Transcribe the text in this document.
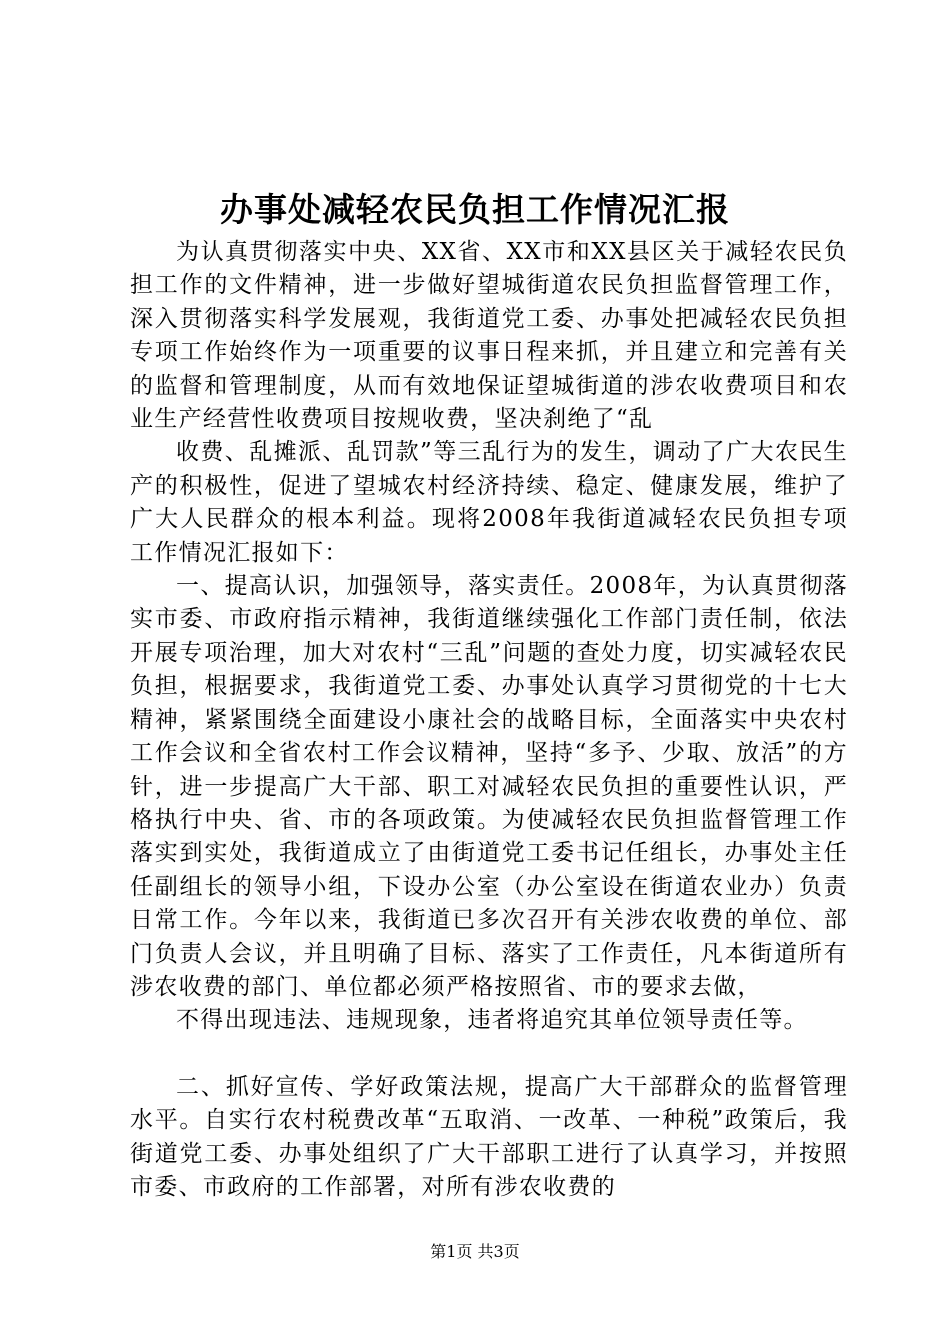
办事处减轻农民负担工作情况汇报

为认真贯彻落实中央、XX省、XX市和XX县区关于减轻农民负担工作的文件精神，进一步做好望城街道农民负担监督管理工作，深入贯彻落实科学发展观，我街道党工委、办事处把减轻农民负担专项工作始终作为一项重要的议事日程来抓，并且建立和完善有关的监督和管理制度，从而有效地保证望城街道的涉农收费项目和农业生产经营性收费项目按规收费，坚决刹绝了“乱

收费、乱摊派、乱罚款”等三乱行为的发生，调动了广大农民生产的积极性，促进了望城农村经济持续、稳定、健康发展，维护了广大人民群众的根本利益。现将2008年我街道减轻农民负担专项工作情况汇报如下：

一、提高认识，加强领导，落实责任。2008年，为认真贯彻落实市委、市政府指示精神，我街道继续强化工作部门责任制，依法开展专项治理，加大对农村“三乱”问题的查处力度，切实减轻农民负担，根据要求，我街道党工委、办事处认真学习贯彻党的十七大精神，紧紧围绕全面建设小康社会的战略目标，全面落实中央农村工作会议和全省农村工作会议精神，坚持“多予、少取、放活”的方针，进一步提高广大干部、职工对减轻农民负担的重要性认识，严格执行中央、省、市的各项政策。为使减轻农民负担监督管理工作落实到实处，我街道成立了由街道党工委书记任组长，办事处主任任副组长的领导小组，下设办公室（办公室设在街道农业办）负责日常工作。今年以来，我街道已多次召开有关涉农收费的单位、部门负责人会议，并且明确了目标、落实了工作责任，凡本街道所有涉农收费的部门、单位都必须严格按照省、市的要求去做，

不得出现违法、违规现象，违者将追究其单位领导责任等。

二、抓好宣传、学好政策法规，提高广大干部群众的监督管理水平。自实行农村税费改革“五取消、一改革、一种税”政策后，我街道党工委、办事处组织了广大干部职工进行了认真学习，并按照市委、市政府的工作部署，对所有涉农收费的

第1页 共3页
